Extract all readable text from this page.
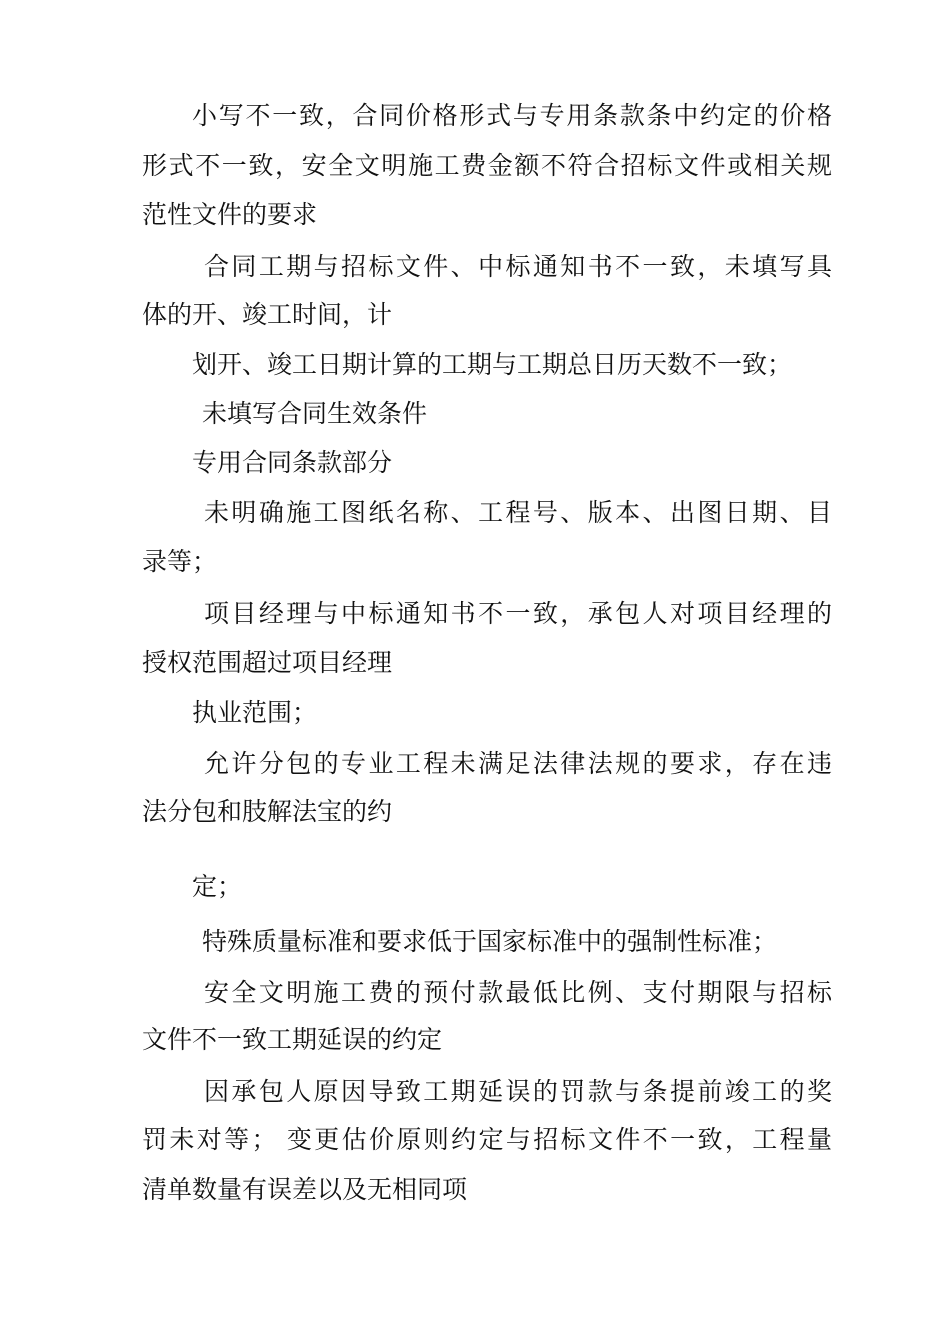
小写不一致，合同价格形式与专用条款条中约定的价格
形式不一致，安全文明施工费金额不符合招标文件或相关规
范性文件的要求
合同工期与招标文件、中标通知书不一致，未填写具
体的开、竣工时间，计
划开、竣工日期计算的工期与工期总日历天数不一致；
未填写合同生效条件
专用合同条款部分
未明确施工图纸名称、工程号、版本、出图日期、目
录等；
项目经理与中标通知书不一致，承包人对项目经理的
授权范围超过项目经理
执业范围；
允许分包的专业工程未满足法律法规的要求，存在违
法分包和肢解法宝的约
定；
特殊质量标准和要求低于国家标准中的强制性标准；
安全文明施工费的预付款最低比例、支付期限与招标
文件不一致工期延误的约定
因承包人原因导致工期延误的罚款与条提前竣工的奖
罚未对等； 变更估价原则约定与招标文件不一致，工程量
清单数量有误差以及无相同项
